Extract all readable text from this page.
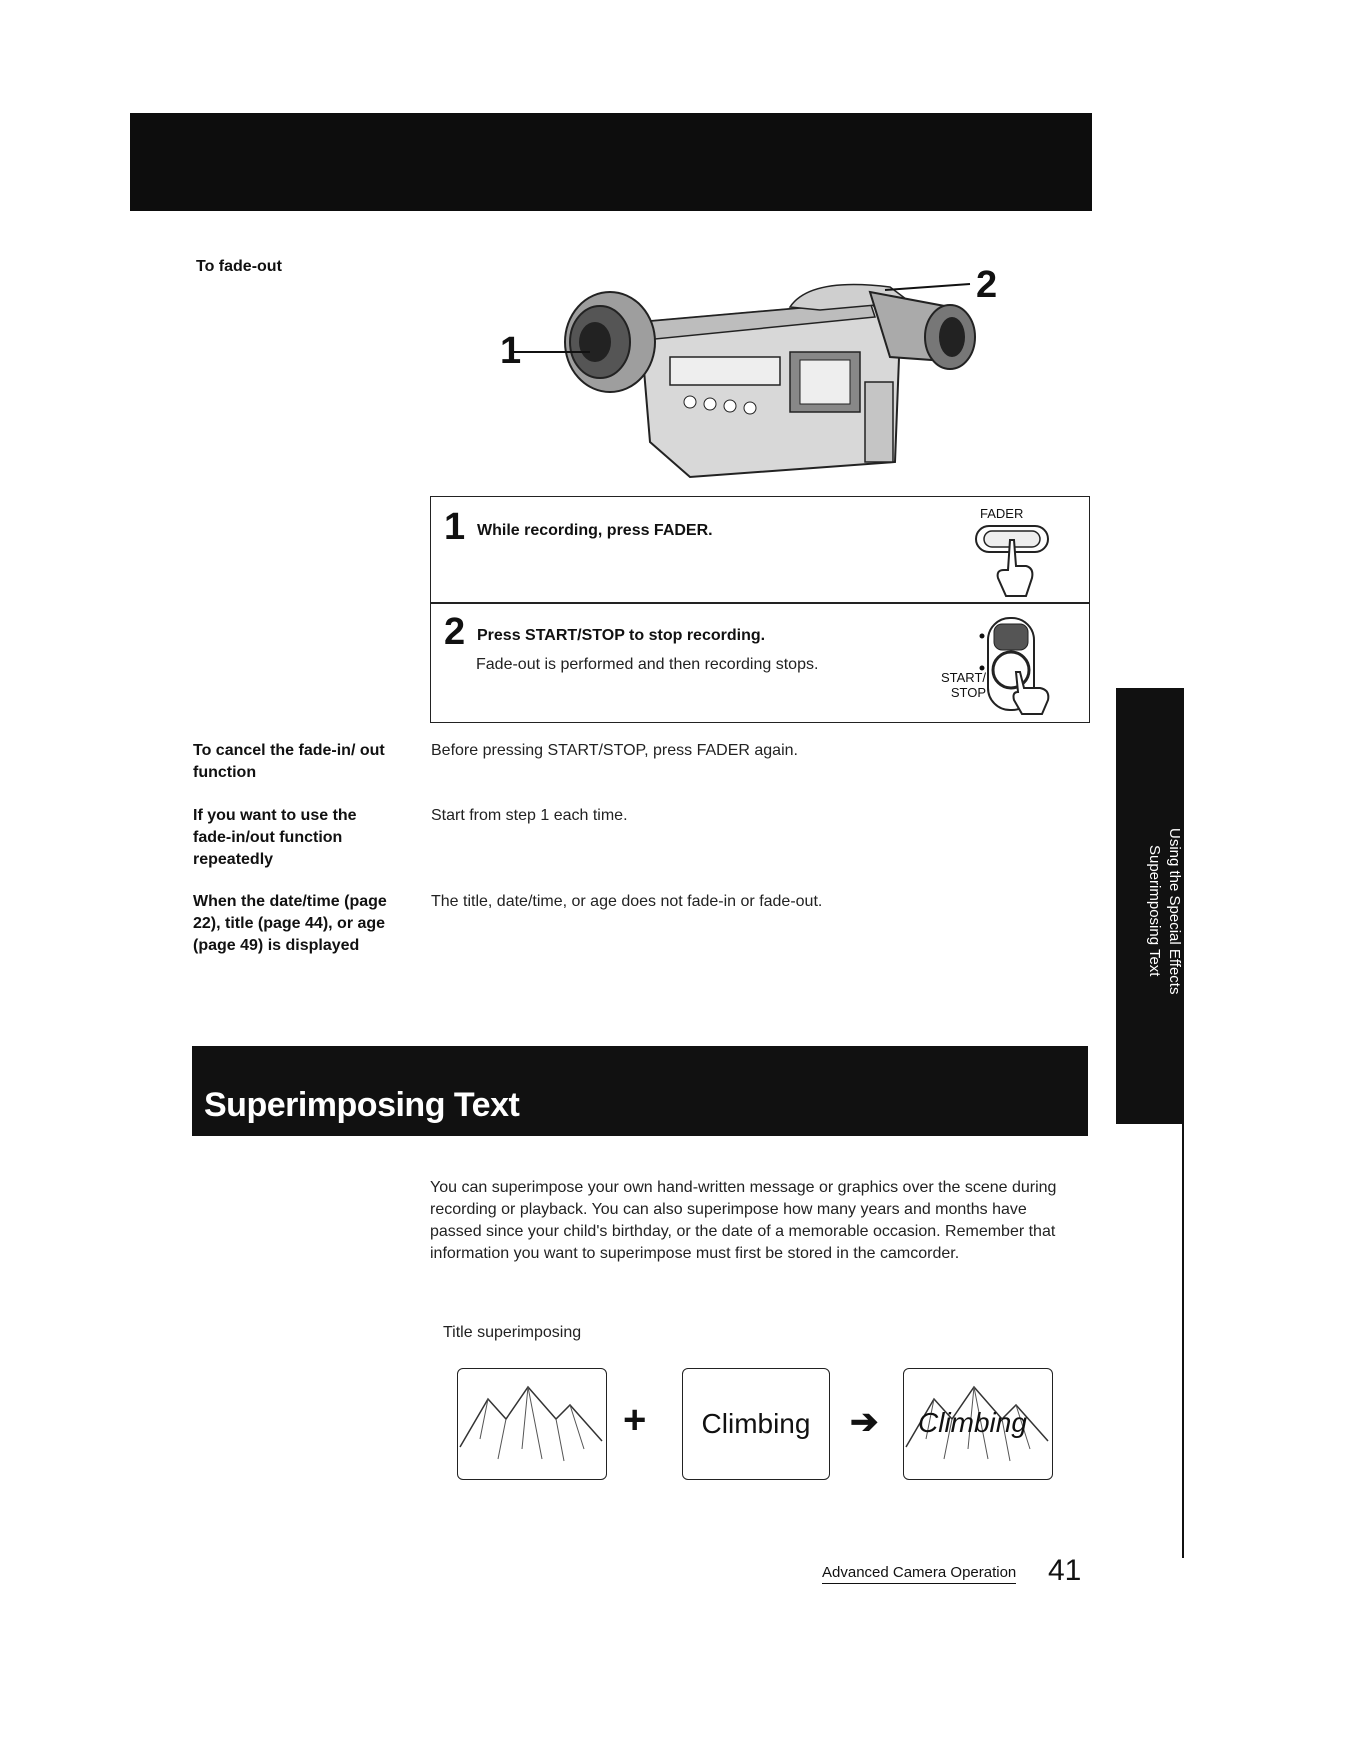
Using the Special Effects
Superimposing Text
To fade-out
1
2
1 While recording, press FADER.
FADER
2 Press START/STOP to stop recording.
Fade-out is performed and then recording stops.
START/
STOP
To cancel the fade-in/ out function
Before pressing START/STOP, press FADER again.
If you want to use the fade-in/out function repeatedly
Start from step 1 each time.
When the date/time (page 22), title (page 44), or age (page 49) is displayed
The title, date/time, or age does not fade-in or fade-out.
Superimposing Text
You can superimpose your own hand-written message or graphics over the scene during recording or playback. You can also superimpose how many years and months have passed since your child's birthday, or the date of a memorable occasion. Remember that information you want to superimpose must first be stored in the camcorder.
Title superimposing
+ Climbing ➔ Climbing
Advanced Camera Operation 41
